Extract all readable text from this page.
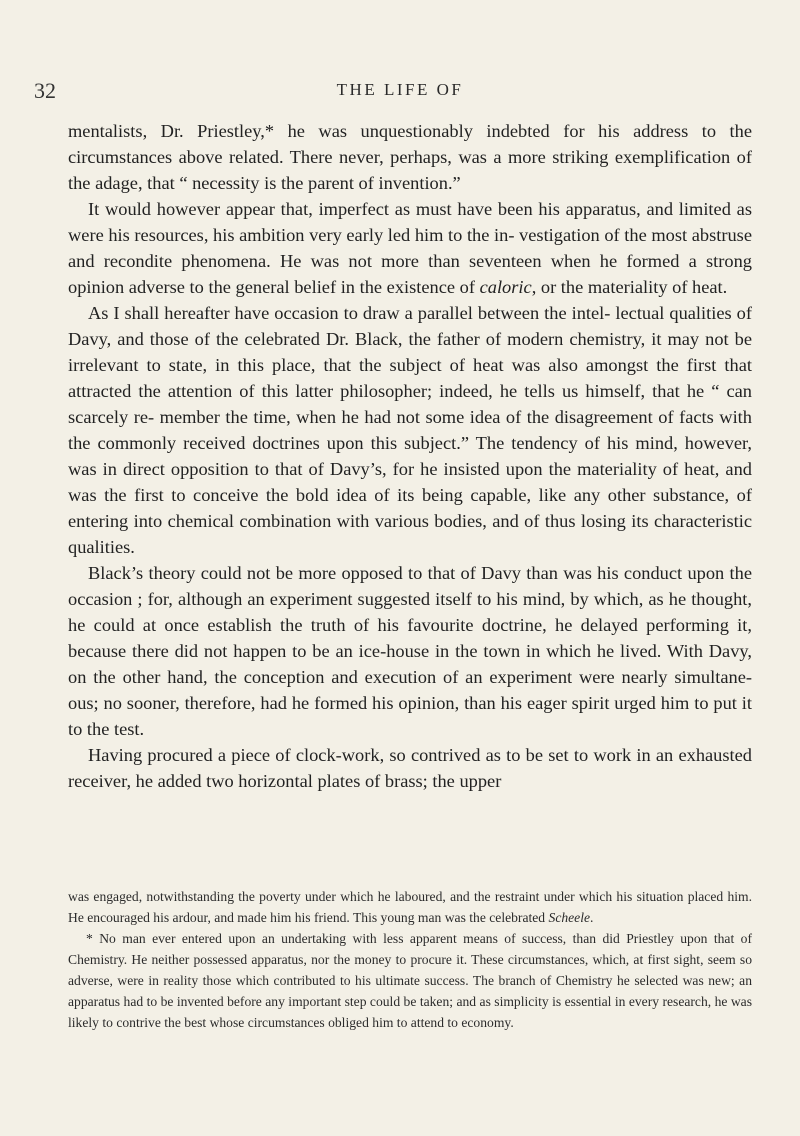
32	THE LIFE OF

mentalists, Dr. Priestley,* he was unquestionably indebted for his address to the circumstances above related. There never, perhaps, was a more striking exemplification of the adage, that “ necessity is the parent of invention.”

It would however appear that, imperfect as must have been his apparatus, and limited as were his resources, his ambition very early led him to the in- vestigation of the most abstruse and recondite phenomena. He was not more than seventeen when he formed a strong opinion adverse to the general belief in the existence of caloric, or the materiality of heat.

As I shall hereafter have occasion to draw a parallel between the intel- lectual qualities of Davy, and those of the celebrated Dr. Black, the father of modern chemistry, it may not be irrelevant to state, in this place, that the subject of heat was also amongst the first that attracted the attention of this latter philosopher; indeed, he tells us himself, that he “ can scarcely re- member the time, when he had not some idea of the disagreement of facts with the commonly received doctrines upon this subject.” The tendency of his mind, however, was in direct opposition to that of Davy’s, for he insisted upon the materiality of heat, and was the first to conceive the bold idea of its being capable, like any other substance, of entering into chemical combination with various bodies, and of thus losing its characteristic qualities.

Black’s theory could not be more opposed to that of Davy than was his conduct upon the occasion ; for, although an experiment suggested itself to his mind, by which, as he thought, he could at once establish the truth of his favourite doctrine, he delayed performing it, because there did not happen to be an ice-house in the town in which he lived. With Davy, on the other hand, the conception and execution of an experiment were nearly simultane- ous; no sooner, therefore, had he formed his opinion, than his eager spirit urged him to put it to the test.

Having procured a piece of clock-work, so contrived as to be set to work in an exhausted receiver, he added two horizontal plates of brass; the upper

was engaged, notwithstanding the poverty under which he laboured, and the restraint under which his situation placed him. He encouraged his ardour, and made him his friend. This young man was the celebrated Scheele.

* No man ever entered upon an undertaking with less apparent means of success, than did Priestley upon that of Chemistry. He neither possessed apparatus, nor the money to procure it. These circumstances, which, at first sight, seem so adverse, were in reality those which contributed to his ultimate success. The branch of Chemistry he selected was new; an apparatus had to be invented before any important step could be taken; and as simplicity is essential in every research, he was likely to contrive the best whose circumstances obliged him to attend to economy.
